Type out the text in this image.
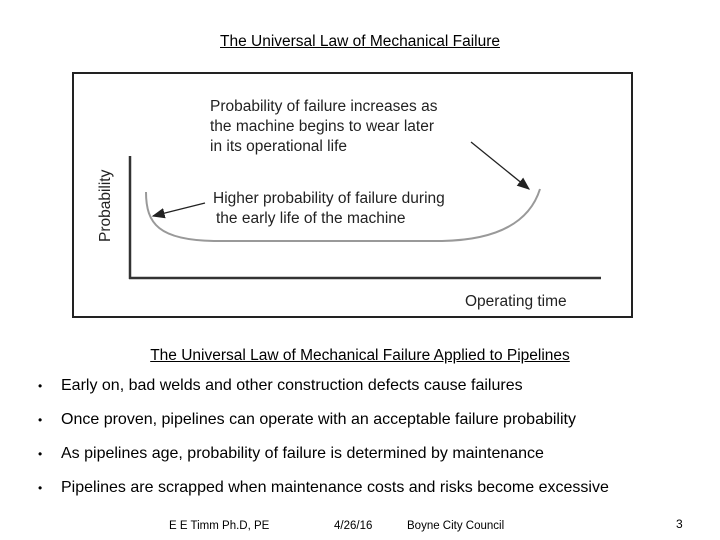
The Universal Law of Mechanical Failure
Probability of failure increases as the machine begins to wear later in its operational life
Higher probability of failure during the early life of the machine
Probability
Operating time
The Universal Law of Mechanical Failure Applied to Pipelines
•	Early on, bad welds and other construction defects cause failures
•	Once proven, pipelines can operate with an acceptable failure probability
•	As pipelines age, probability of failure is determined by maintenance
•	Pipelines are scrapped when maintenance costs and risks become excessive
E E Timm Ph.D, PE	4/26/16	Boyne City Council	3
